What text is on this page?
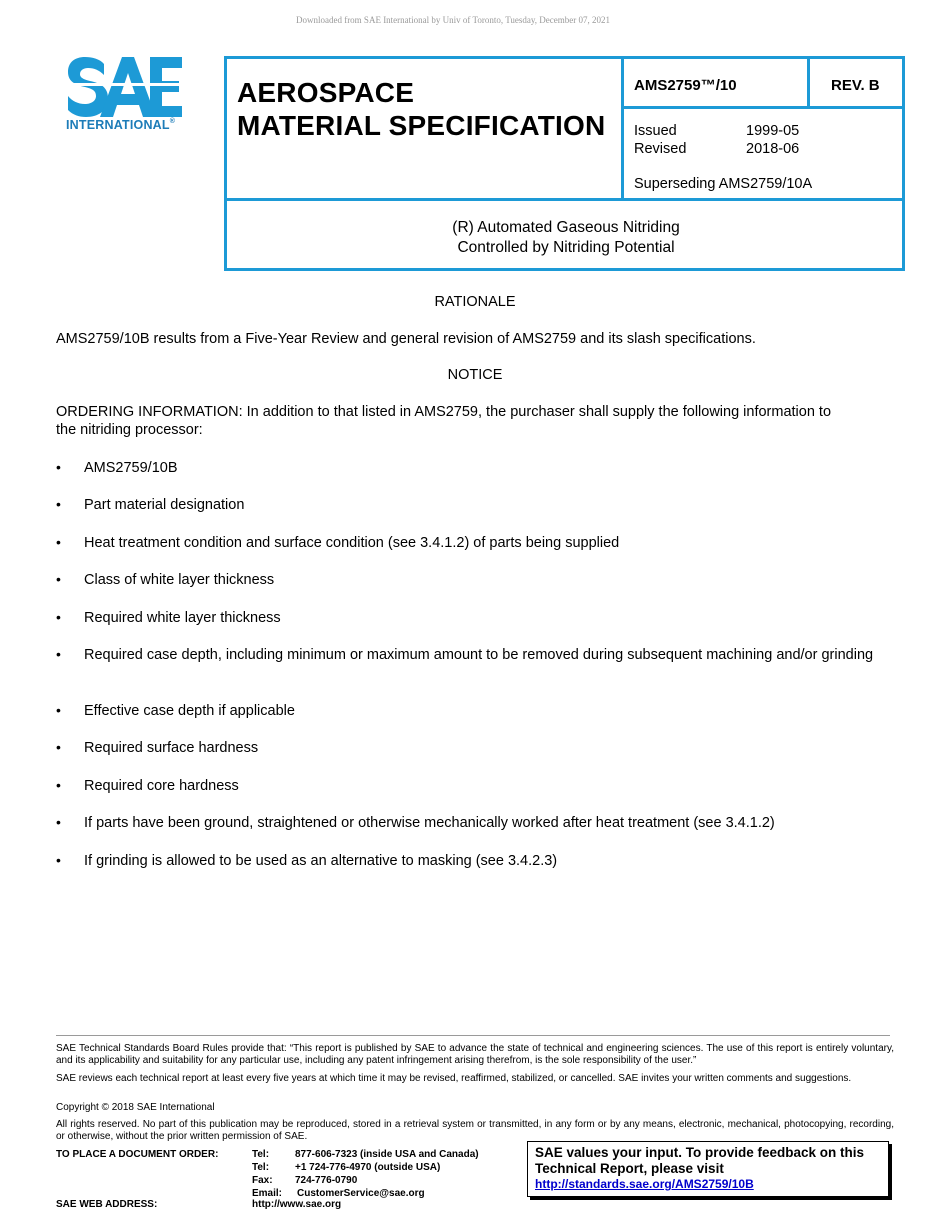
Downloaded from SAE International by Univ of Toronto, Tuesday, December 07, 2021
INTERNATIONAL®
AEROSPACE
MATERIAL SPECIFICATION
AMS2759™/10	REV. B
Issued	1999-05
Revised	2018-06
Superseding AMS2759/10A
(R) Automated Gaseous Nitriding
Controlled by Nitriding Potential
RATIONALE
AMS2759/10B results from a Five-Year Review and general revision of AMS2759 and its slash specifications.
NOTICE
ORDERING INFORMATION: In addition to that listed in AMS2759, the purchaser shall supply the following information to
the nitriding processor:
• AMS2759/10B
• Part material designation
• Heat treatment condition and surface condition (see 3.4.1.2) of parts being supplied
• Class of white layer thickness
• Required white layer thickness
• Required case depth, including minimum or maximum amount to be removed during subsequent machining and/or grinding
• Effective case depth if applicable
• Required surface hardness
• Required core hardness
• If parts have been ground, straightened or otherwise mechanically worked after heat treatment (see 3.4.1.2)
• If grinding is allowed to be used as an alternative to masking (see 3.4.2.3)
SAE Technical Standards Board Rules provide that: “This report is published by SAE to advance the state of technical and engineering sciences. The use of this report is entirely voluntary, and its applicability and suitability for any particular use, including any patent infringement arising therefrom, is the sole responsibility of the user.”
SAE reviews each technical report at least every five years at which time it may be revised, reaffirmed, stabilized, or cancelled. SAE invites your written comments and suggestions.
Copyright © 2018 SAE International
All rights reserved. No part of this publication may be reproduced, stored in a retrieval system or transmitted, in any form or by any means, electronic, mechanical, photocopying, recording, or otherwise, without the prior written permission of SAE.
TO PLACE A DOCUMENT ORDER:	Tel:	877-606-7323 (inside USA and Canada)
Tel:	+1 724-776-4970 (outside USA)
Fax: 724-776-0790
Email: CustomerService@sae.org
SAE WEB ADDRESS:	http://www.sae.org
SAE values your input. To provide feedback on this
Technical Report, please visit
http://standards.sae.org/AMS2759/10B
